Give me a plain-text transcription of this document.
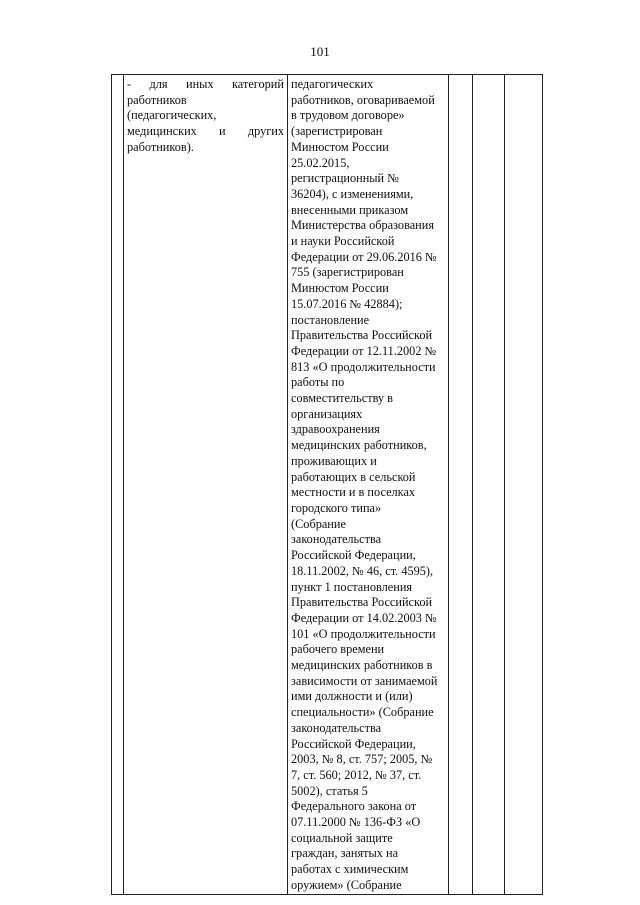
101

- для иных категорий
работников
(педагогических,
медицинских и других
работников).

педагогических
работников, оговариваемой
в трудовом договоре»
(зарегистрирован
Минюстом России
25.02.2015,
регистрационный №
36204), с изменениями,
внесенными приказом
Министерства образования
и науки Российской
Федерации от 29.06.2016 №
755 (зарегистрирован
Минюстом России
15.07.2016 № 42884);
постановление
Правительства Российской
Федерации от 12.11.2002 №
813 «О продолжительности
работы по
совместительству в
организациях
здравоохранения
медицинских работников,
проживающих и
работающих в сельской
местности и в поселках
городского типа»
(Собрание
законодательства
Российской Федерации,
18.11.2002, № 46, ст. 4595),
пункт 1 постановления
Правительства Российской
Федерации от 14.02.2003 №
101 «О продолжительности
рабочего времени
медицинских работников в
зависимости от занимаемой
ими должности и (или)
специальности» (Собрание
законодательства
Российской Федерации,
2003, № 8, ст. 757; 2005, №
7, ст. 560; 2012, № 37, ст.
5002), статья 5
Федерального закона от
07.11.2000 № 136-ФЗ «О
социальной защите
граждан, занятых на
работах с химическим
оружием» (Собрание
